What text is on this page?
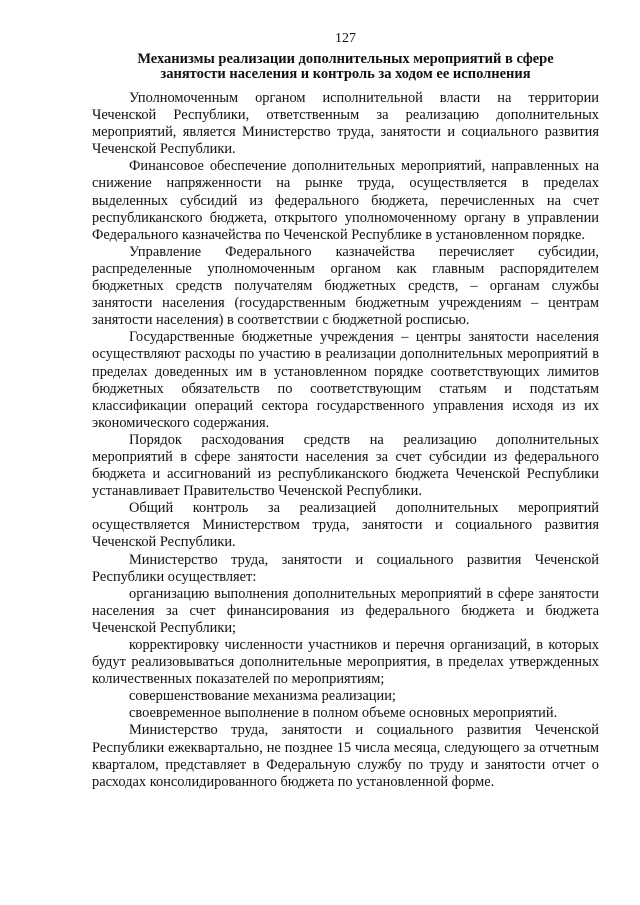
127
Механизмы реализации дополнительных мероприятий в сфере
занятости населения и контроль за ходом ее исполнения

Уполномоченным органом исполнительной власти на территории Чеченской Республики, ответственным за реализацию дополнительных мероприятий, является Министерство труда, занятости и социального развития Чеченской Республики.

Финансовое обеспечение дополнительных мероприятий, направленных на снижение напряженности на рынке труда, осуществляется в пределах выделенных субсидий из федерального бюджета, перечисленных на счет республиканского бюджета, открытого уполномоченному органу в управлении Федерального казначейства по Чеченской Республике в установленном порядке.

Управление Федерального казначейства перечисляет субсидии, распределенные уполномоченным органом как главным распорядителем бюджетных средств получателям бюджетных средств, – органам службы занятости населения (государственным бюджетным учреждениям – центрам занятости населения) в соответствии с бюджетной росписью.

Государственные бюджетные учреждения – центры занятости населения осуществляют расходы по участию в реализации дополнительных мероприятий в пределах доведенных им в установленном порядке соответствующих лимитов бюджетных обязательств по соответствующим статьям и подстатьям классификации операций сектора государственного управления исходя из их экономического содержания.

Порядок расходования средств на реализацию дополнительных мероприятий в сфере занятости населения за счет субсидии из федерального бюджета и ассигнований из республиканского бюджета Чеченской Республики устанавливает Правительство Чеченской Республики.

Общий контроль за реализацией дополнительных мероприятий осуществляется Министерством труда, занятости и социального развития Чеченской Республики.

Министерство труда, занятости и социального развития Чеченской Республики осуществляет:

организацию выполнения дополнительных мероприятий в сфере занятости населения за счет финансирования из федерального бюджета и бюджета Чеченской Республики;

корректировку численности участников и перечня организаций, в которых будут реализовываться дополнительные мероприятия, в пределах утвержденных количественных показателей по мероприятиям;

совершенствование механизма реализации;

своевременное выполнение в полном объеме основных мероприятий.

Министерство труда, занятости и социального развития Чеченской Республики ежеквартально, не позднее 15 числа месяца, следующего за отчетным кварталом, представляет в Федеральную службу по труду и занятости отчет о расходах консолидированного бюджета по установленной форме.
